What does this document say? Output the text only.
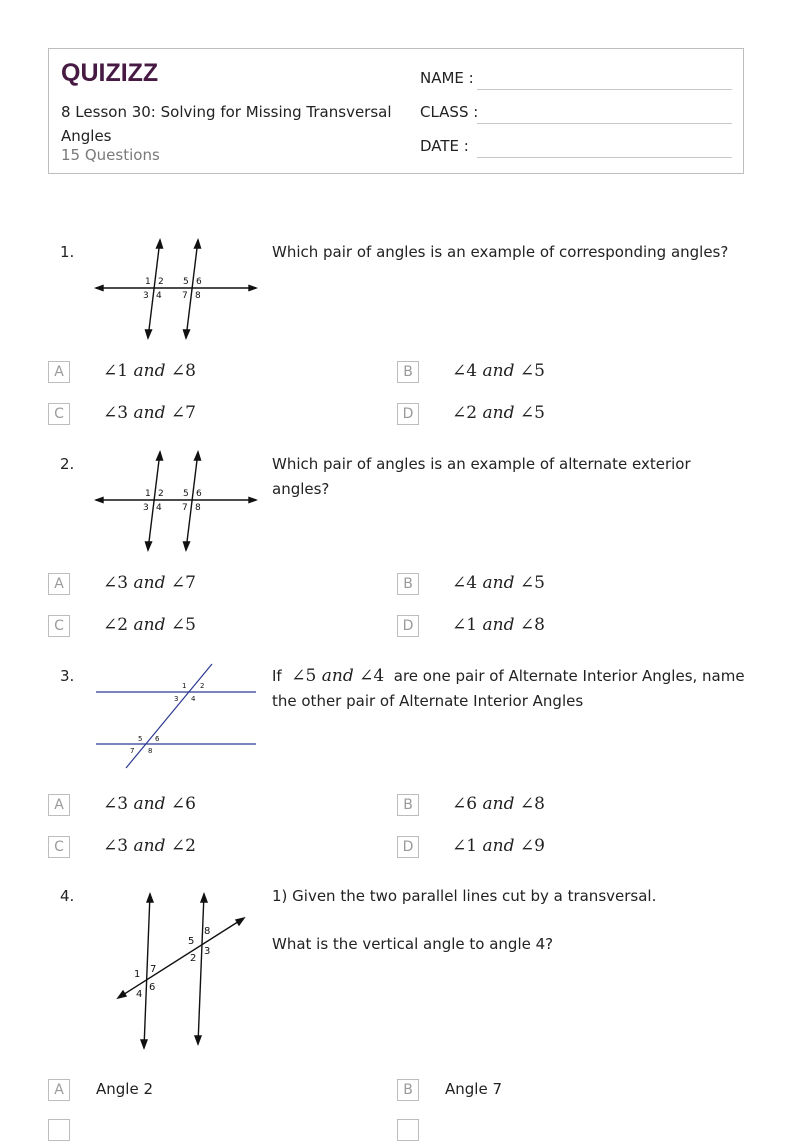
QUIZIZZ
8 Lesson 30: Solving for Missing Transversal Angles
15 Questions
NAME :
CLASS :
DATE :
1.
1 2 5 6
3 4 7 8
Which pair of angles is an example of corresponding angles?
A	∠1 and ∠8	B	∠4 and ∠5
C	∠3 and ∠7	D	∠2 and ∠5
2.
1 2 5 6
3 4 7 8
Which pair of angles is an example of alternate exterior angles?
A	∠3 and ∠7	B	∠4 and ∠5
C	∠2 and ∠5	D	∠1 and ∠8
3.
1 2
3 4
5 6
7 8
If ∠5 and ∠4 are one pair of Alternate Interior Angles, name the other pair of Alternate Interior Angles
A	∠3 and ∠6	B	∠6 and ∠8
C	∠3 and ∠2	D	∠1 and ∠9
4.
5
8
2
3
1 7
4
6
1) Given the two parallel lines cut by a transversal.
What is the vertical angle to angle 4?
A	Angle 2	B	Angle 7
